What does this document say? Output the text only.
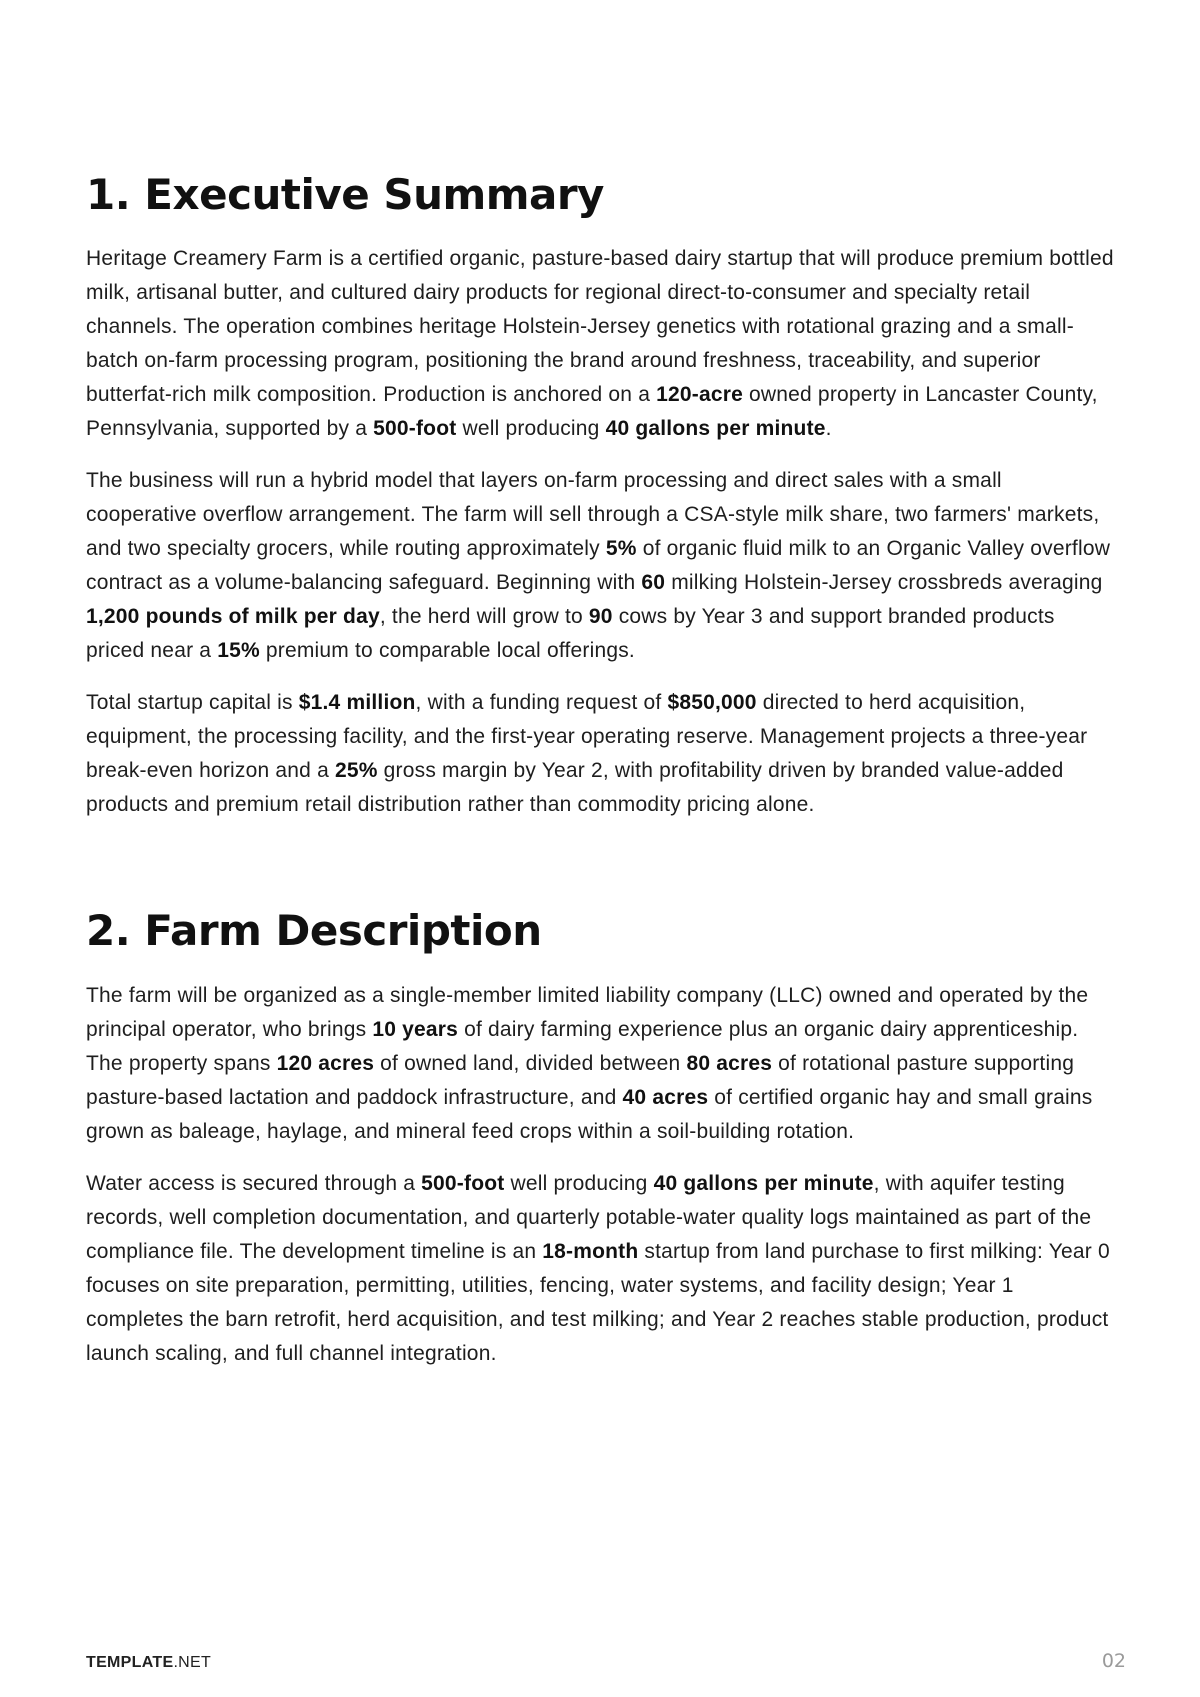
1. Executive Summary

Heritage Creamery Farm is a certified organic, pasture-based dairy startup that will produce premium bottled milk, artisanal butter, and cultured dairy products for regional direct-to-consumer and specialty retail channels. The operation combines heritage Holstein-Jersey genetics with rotational grazing and a small-batch on-farm processing program, positioning the brand around freshness, traceability, and superior butterfat-rich milk composition. Production is anchored on a 120-acre owned property in Lancaster County, Pennsylvania, supported by a 500-foot well producing 40 gallons per minute.

The business will run a hybrid model that layers on-farm processing and direct sales with a small cooperative overflow arrangement. The farm will sell through a CSA-style milk share, two farmers' markets, and two specialty grocers, while routing approximately 5% of organic fluid milk to an Organic Valley overflow contract as a volume-balancing safeguard. Beginning with 60 milking Holstein-Jersey crossbreds averaging 1,200 pounds of milk per day, the herd will grow to 90 cows by Year 3 and support branded products priced near a 15% premium to comparable local offerings.

Total startup capital is $1.4 million, with a funding request of $850,000 directed to herd acquisition, equipment, the processing facility, and the first-year operating reserve. Management projects a three-year break-even horizon and a 25% gross margin by Year 2, with profitability driven by branded value-added products and premium retail distribution rather than commodity pricing alone.

2. Farm Description

The farm will be organized as a single-member limited liability company (LLC) owned and operated by the principal operator, who brings 10 years of dairy farming experience plus an organic dairy apprenticeship. The property spans 120 acres of owned land, divided between 80 acres of rotational pasture supporting pasture-based lactation and paddock infrastructure, and 40 acres of certified organic hay and small grains grown as baleage, haylage, and mineral feed crops within a soil-building rotation.

Water access is secured through a 500-foot well producing 40 gallons per minute, with aquifer testing records, well completion documentation, and quarterly potable-water quality logs maintained as part of the compliance file. The development timeline is an 18-month startup from land purchase to first milking: Year 0 focuses on site preparation, permitting, utilities, fencing, water systems, and facility design; Year 1 completes the barn retrofit, herd acquisition, and test milking; and Year 2 reaches stable production, product launch scaling, and full channel integration.

TEMPLATE.NET	02
